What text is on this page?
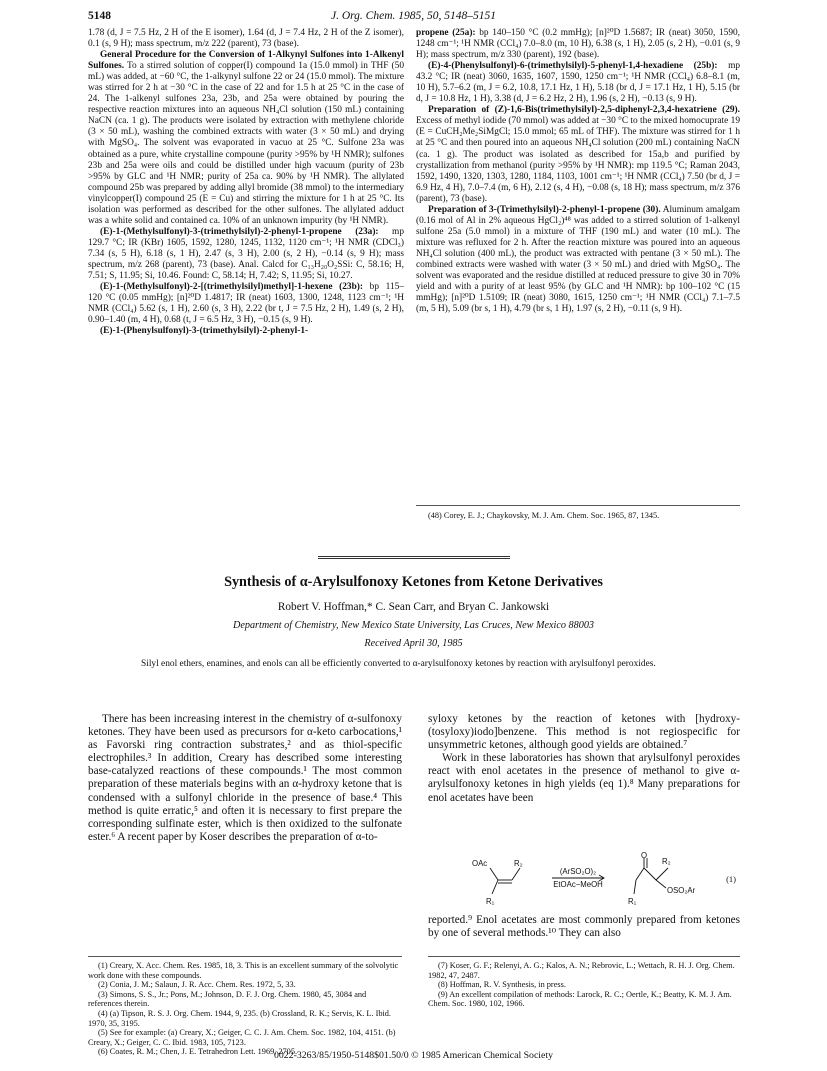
5148	J. Org. Chem. 1985, 50, 5148–5151

1.78 (d, J = 7.5 Hz, 2 H of the E isomer), 1.64 (d, J = 7.4 Hz, 2 H of the Z isomer), 0.1 (s, 9 H); mass spectrum, m/z 222 (parent), 73 (base).

General Procedure for the Conversion of 1-Alkynyl Sulfones into 1-Alkenyl Sulfones. To a stirred solution of copper(I) compound 1a (15.0 mmol) in THF (50 mL) was added, at −60 °C, the 1-alkynyl sulfone 22 or 24 (15.0 mmol). The mixture was stirred for 2 h at −30 °C in the case of 22 and for 1.5 h at 25 °C in the case of 24. The 1-alkenyl sulfones 23a, 23b, and 25a were obtained by pouring the respective reaction mixtures into an aqueous NH₄Cl solution (150 mL) containing NaCN (ca. 1 g). The products were isolated by extraction with methylene chloride (3 × 50 mL), washing the combined extracts with water (3 × 50 mL) and drying with MgSO₄. The solvent was evaporated in vacuo at 25 °C. Sulfone 23a was obtained as a pure, white crystalline compoune (purity >95% by ¹H NMR); sulfones 23b and 25a were oils and could be distilled under high vacuum (purity of 23b >95% by GLC and ¹H NMR; purity of 25a ca. 90% by ¹H NMR). The allylated compound 25b was prepared by adding allyl bromide (38 mmol) to the intermediary vinylcopper(I) compound 25 (E = Cu) and stirring the mixture for 1 h at 25 °C. Its isolation was performed as described for the other sulfones. The allylated adduct was a white solid and contained ca. 10% of an unknown impurity (by ¹H NMR).

(E)-1-(Methylsulfonyl)-3-(trimethylsilyl)-2-phenyl-1-propene (23a): mp 129.7 °C; IR (KBr) 1605, 1592, 1280, 1245, 1132, 1120 cm⁻¹; ¹H NMR (CDCl₃) 7.34 (s, 5 H), 6.18 (s, 1 H), 2.47 (s, 3 H), 2.00 (s, 2 H), −0.14 (s, 9 H); mass spectrum, m/z 268 (parent), 73 (base). Anal. Calcd for C₁₃H₂₀O₂SSi: C, 58.16; H, 7.51; S, 11.95; Si, 10.46. Found: C, 58.14; H, 7.42; S, 11.95; Si, 10.27.

(E)-1-(Methylsulfonyl)-2-[(trimethylsilyl)methyl]-1-hexene (23b): bp 115–120 °C (0.05 mmHg); [n]²⁰D 1.4817; IR (neat) 1603, 1300, 1248, 1123 cm⁻¹; ¹H NMR (CCl₄) 5.62 (s, 1 H), 2.60 (s, 3 H), 2.22 (br t, J = 7.5 Hz, 2 H), 1.49 (s, 2 H), 0.90–1.40 (m, 4 H), 0.68 (t, J = 6.5 Hz, 3 H), −0.15 (s, 9 H).

(E)-1-(Phenylsulfonyl)-3-(trimethylsilyl)-2-phenyl-1-

propene (25a): bp 140–150 °C (0.2 mmHg); [n]²⁰D 1.5687; IR (neat) 3050, 1590, 1248 cm⁻¹; ¹H NMR (CCl₄) 7.0–8.0 (m, 10 H), 6.38 (s, 1 H), 2.05 (s, 2 H), −0.01 (s, 9 H); mass spectrum, m/z 330 (parent), 192 (base).

(E)-4-(Phenylsulfonyl)-6-(trimethylsilyl)-5-phenyl-1,4-hexadiene (25b): mp 43.2 °C; IR (neat) 3060, 1635, 1607, 1590, 1250 cm⁻¹; ¹H NMR (CCl₄) 6.8–8.1 (m, 10 H), 5.7–6.2 (m, J = 6.2, 10.8, 17.1 Hz, 1 H), 5.18 (br d, J = 17.1 Hz, 1 H), 5.15 (br d, J = 10.8 Hz, 1 H), 3.38 (d, J = 6.2 Hz, 2 H), 1.96 (s, 2 H), −0.13 (s, 9 H).

Preparation of (Z)-1,6-Bis(trimethylsilyl)-2,5-diphenyl-2,3,4-hexatriene (29). Excess of methyl iodide (70 mmol) was added at −30 °C to the mixed homocuprate 19 (E = CuCH₂Me₂SiMgCl; 15.0 mmol; 65 mL of THF). The mixture was stirred for 1 h at 25 °C and then poured into an aqueous NH₄Cl solution (200 mL) containing NaCN (ca. 1 g). The product was isolated as described for 15a,b and purified by crystallization from methanol (purity >95% by ¹H NMR): mp 119.5 °C; Raman 2043, 1592, 1490, 1320, 1303, 1280, 1184, 1103, 1001 cm⁻¹; ¹H NMR (CCl₄) 7.50 (br d, J = 6.9 Hz, 4 H), 7.0–7.4 (m, 6 H), 2.12 (s, 4 H), −0.08 (s, 18 H); mass spectrum, m/z 376 (parent), 73 (base).

Preparation of 3-(Trimethylsilyl)-2-phenyl-1-propene (30). Aluminum amalgam (0.16 mol of Al in 2% aqueous HgCl₂)⁴⁸ was added to a stirred solution of 1-alkenyl sulfone 25a (5.0 mmol) in a mixture of THF (190 mL) and water (10 mL). The mixture was refluxed for 2 h. After the reaction mixture was poured into an aqueous NH₄Cl solution (400 mL), the product was extracted with pentane (3 × 50 mL). The combined extracts were washed with water (3 × 50 mL) and dried with MgSO₄. The solvent was evaporated and the residue distilled at reduced pressure to give 30 in 70% yield and with a purity of at least 95% (by GLC and ¹H NMR): bp 100–102 °C (15 mmHg); [n]²⁰D 1.5109; IR (neat) 3080, 1615, 1250 cm⁻¹; ¹H NMR (CCl₄) 7.1–7.5 (m, 5 H), 5.09 (br s, 1 H), 4.79 (br s, 1 H), 1.97 (s, 2 H), −0.11 (s, 9 H).

(48) Corey, E. J.; Chaykovsky, M. J. Am. Chem. Soc. 1965, 87, 1345.
Synthesis of α-Arylsulfonoxy Ketones from Ketone Derivatives
Robert V. Hoffman,* C. Sean Carr, and Bryan C. Jankowski
Department of Chemistry, New Mexico State University, Las Cruces, New Mexico 88003
Received April 30, 1985
Silyl enol ethers, enamines, and enols can all be efficiently converted to α-arylsulfonoxy ketones by reaction with arylsulfonyl peroxides.

There has been increasing interest in the chemistry of α-sulfonoxy ketones. They have been used as precursors for α-keto carbocations,¹ as Favorski ring contraction substrates,² and as thiol-specific electrophiles.³ In addition, Creary has described some interesting base-catalyzed reactions of these compounds.¹ The most common preparation of these materials begins with an α-hydroxy ketone that is condensed with a sulfonyl chloride in the presence of base.⁴ This method is quite erratic,⁵ and often it is necessary to first prepare the corresponding sulfinate ester, which is then oxidized to the sulfonate ester.⁶ A recent paper by Koser describes the preparation of α-to-

syloxy ketones by the reaction of ketones with [hydroxy-(tosyloxy)iodo]benzene. This method is not regiospecific for unsymmetric ketones, although good yields are obtained.⁷

Work in these laboratories has shown that arylsulfonyl peroxides react with enol acetates in the presence of methanol to give α-arylsulfonoxy ketones in high yields (eq 1).⁸ Many preparations for enol acetates have been

OAc	R₂
R₁
(ArSO₂O)₂
EtOAc−MeOH
O
R₂
R₁
OSO₂Ar
(1)
reported.⁹ Enol acetates are most commonly prepared from ketones by one of several methods.¹⁰ They can also
(1) Creary, X. Acc. Chem. Res. 1985, 18, 3. This is an excellent summary of the solvolytic work done with these compounds.
(2) Conia, J. M.; Salaun, J. R. Acc. Chem. Res. 1972, 5, 33.
(3) Simons, S. S., Jr.; Pons, M.; Johnson, D. F. J. Org. Chem. 1980, 45, 3084 and references therein.
(4) (a) Tipson, R. S. J. Org. Chem. 1944, 9, 235. (b) Crossland, R. K.; Servis, K. L. Ibid. 1970, 35, 3195.
(5) See for example: (a) Creary, X.; Geiger, C. C. J. Am. Chem. Soc. 1982, 104, 4151. (b) Creary, X.; Geiger, C. C. Ibid. 1983, 105, 7123.
(6) Coates, R. M.; Chen, J. E. Tetrahedron Lett. 1969, 2705.
(7) Koser, G. F.; Relenyi, A. G.; Kalos, A. N.; Rebrovic, L.; Wettach, R. H. J. Org. Chem. 1982, 47, 2487.
(8) Hoffman, R. V. Synthesis, in press.
(9) An excellent compilation of methods: Larock, R. C.; Oertle, K.; Beatty, K. M. J. Am. Chem. Soc. 1980, 102, 1966.
0022-3263/85/1950-5148$01.50/0 © 1985 American Chemical Society
